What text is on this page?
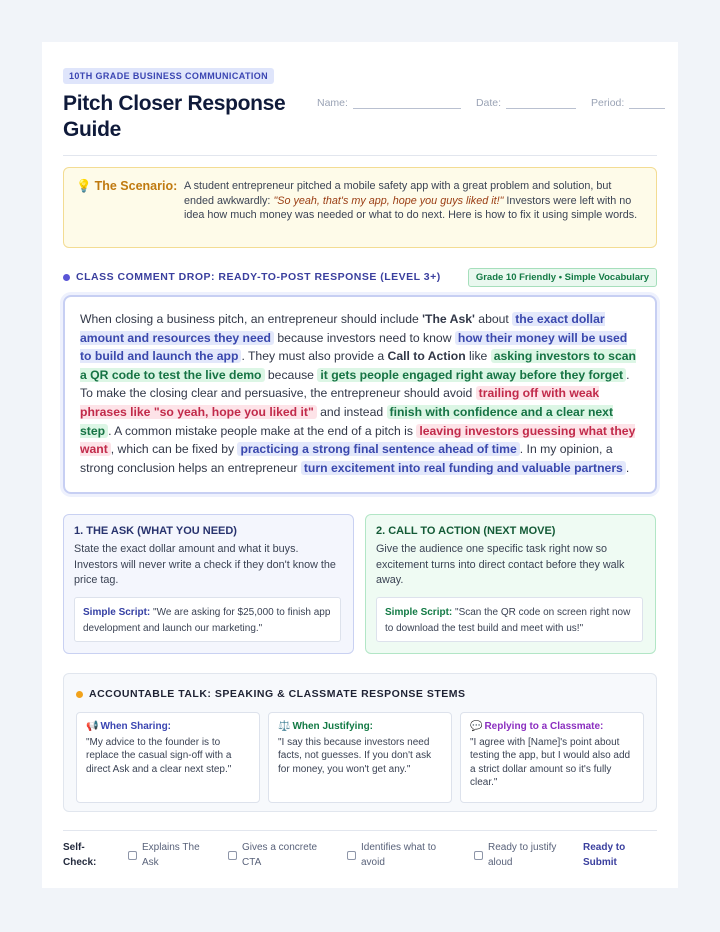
10TH GRADE BUSINESS COMMUNICATION
Pitch Closer Response Guide
Name:	Date:	Period:
💡 The Scenario: A student entrepreneur pitched a mobile safety app with a great problem and solution, but ended awkwardly: "So yeah, that's my app, hope you guys liked it!" Investors were left with no idea how much money was needed or what to do next. Here is how to fix it using simple words.
CLASS COMMENT DROP: READY-TO-POST RESPONSE (LEVEL 3+)	Grade 10 Friendly • Simple Vocabulary
When closing a business pitch, an entrepreneur should include 'The Ask' about the exact dollar amount and resources they need because investors need to know how their money will be used to build and launch the app . They must also provide a Call to Action like asking investors to scan a QR code to test the live demo because it gets people engaged right away before they forget . To make the closing clear and persuasive, the entrepreneur should avoid trailing off with weak phrases like "so yeah, hope you liked it" and instead finish with confidence and a clear next step . A common mistake people make at the end of a pitch is leaving investors guessing what they want , which can be fixed by practicing a strong final sentence ahead of time . In my opinion, a strong conclusion helps an entrepreneur turn excitement into real funding and valuable partners .
1. THE ASK (WHAT YOU NEED)

State the exact dollar amount and what it buys. Investors will never write a check if they don't know the price tag.

Simple Script: "We are asking for $25,000 to finish app development and launch our marketing."
2. CALL TO ACTION (NEXT MOVE)

Give the audience one specific task right now so excitement turns into direct contact before they walk away.

Simple Script: "Scan the QR code on screen right now to download the test build and meet with us!"
ACCOUNTABLE TALK: SPEAKING & CLASSMATE RESPONSE STEMS
📢 When Sharing:

"My advice to the founder is to replace the casual sign-off with a direct Ask and a clear next step."

⚖️ When Justifying:

"I say this because investors need facts, not guesses. If you don't ask for money, you won't get any."

💬 Replying to a Classmate:

"I agree with [Name]'s point about testing the app, but I would also add a strict dollar amount so it's fully clear."

Self-Check:
Explains The Ask
Gives a concrete CTA
Identifies what to avoid
Ready to justify aloud
Ready to Submit
